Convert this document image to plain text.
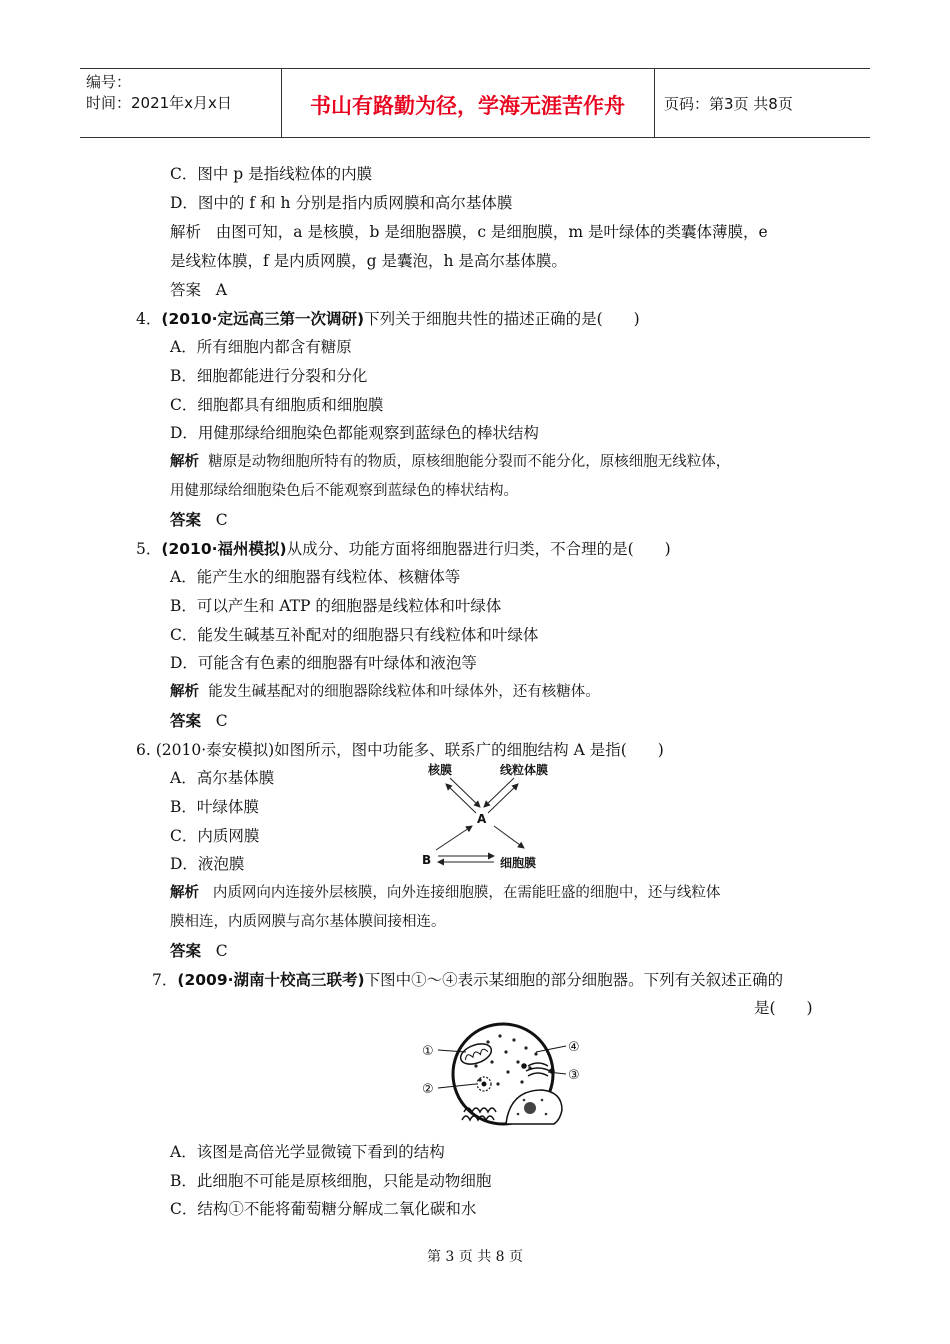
编号：
时间：2021年x月x日	书山有路勤为径，学海无涯苦作舟	页码：第3页 共8页
C．图中 p 是指线粒体的内膜
D．图中的 f 和 h 分别是指内质网膜和高尔基体膜
解析 由图可知，a 是核膜，b 是细胞器膜，c 是细胞膜，m 是叶绿体的类囊体薄膜，e
是线粒体膜，f 是内质网膜，g 是囊泡，h 是高尔基体膜。
答案 A
4．(2010·定远高三第一次调研)下列关于细胞共性的描述正确的是(　　)
A．所有细胞内都含有糖原
B．细胞都能进行分裂和分化
C．细胞都具有细胞质和细胞膜
D．用健那绿给细胞染色都能观察到蓝绿色的棒状结构
解析 糖原是动物细胞所特有的物质，原核细胞能分裂而不能分化，原核细胞无线粒体，
用健那绿给细胞染色后不能观察到蓝绿色的棒状结构。
答案 C
5．(2010·福州模拟)从成分、功能方面将细胞器进行归类，不合理的是(　　)
A．能产生水的细胞器有线粒体、核糖体等
B．可以产生和 ATP 的细胞器是线粒体和叶绿体
C．能发生碱基互补配对的细胞器只有线粒体和叶绿体
D．可能含有色素的细胞器有叶绿体和液泡等
解析 能发生碱基配对的细胞器除线粒体和叶绿体外，还有核糖体。
答案 C
6. (2010·泰安模拟)如图所示，图中功能多、联系广的细胞结构 A 是指(　　)
A．高尔基体膜
B．叶绿体膜
C．内质网膜
D．液泡膜
核膜	线粒体膜
A
B	细胞膜
解析 内质网向内连接外层核膜，向外连接细胞膜，在需能旺盛的细胞中，还与线粒体
膜相连，内质网膜与高尔基体膜间接相连。
答案 C
7．(2009·湖南十校高三联考)下图中①～④表示某细胞的部分细胞器。下列有关叙述正确的
是(　　)
①
②
③
④
A．该图是高倍光学显微镜下看到的结构
B．此细胞不可能是原核细胞，只能是动物细胞
C．结构①不能将葡萄糖分解成二氧化碳和水
第 3 页 共 8 页
